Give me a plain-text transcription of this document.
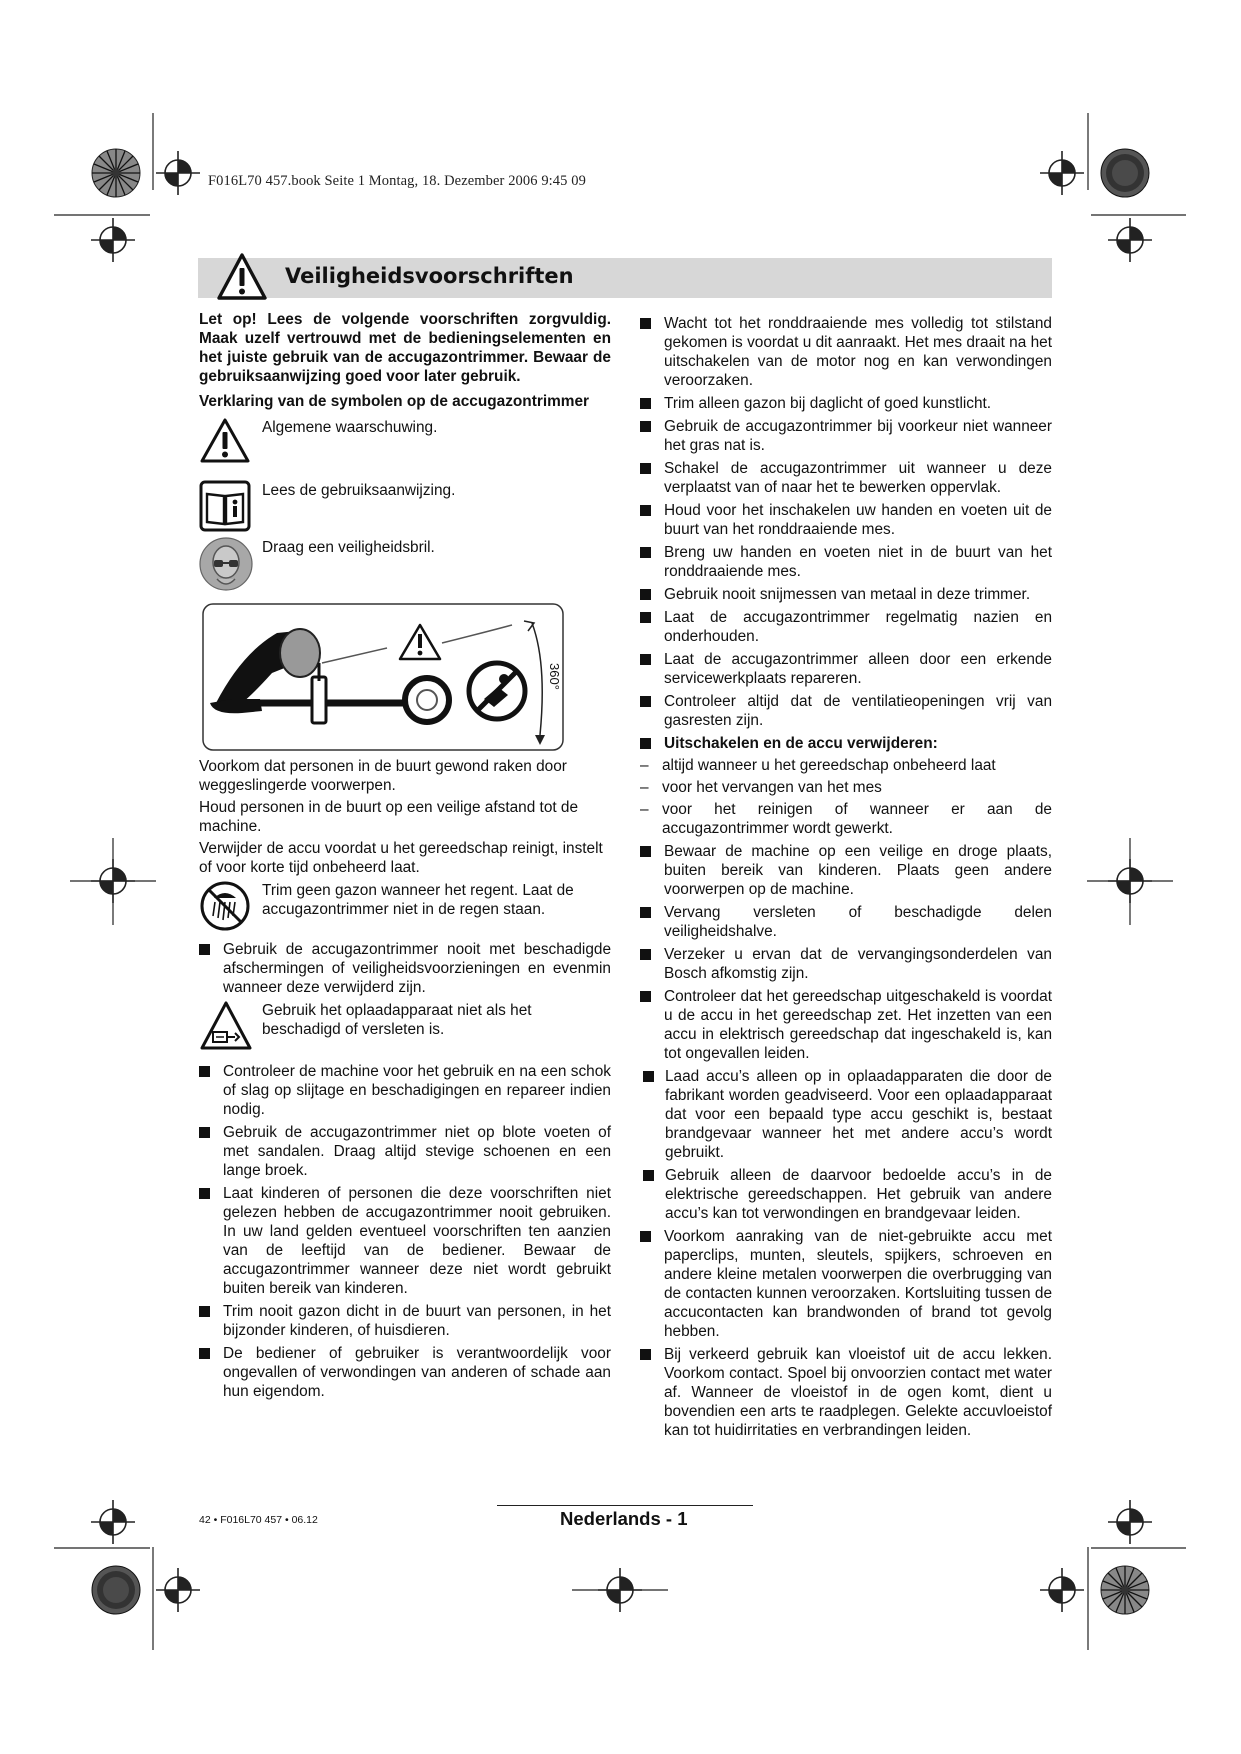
F016L70 457.book Seite 1 Montag, 18. Dezember 2006 9:45 09
Veiligheidsvoorschriften

Let op! Lees de volgende voorschriften zorgvuldig. Maak uzelf vertrouwd met de bedieningselementen en het juiste gebruik van de accugazontrimmer. Bewaar de gebruiksaanwijzing goed voor later gebruik.

Verklaring van de symbolen op de accugazontrimmer

Algemene waarschuwing.

Lees de gebruiksaanwijzing.

Draag een veiligheidsbril.

360°

Voorkom dat personen in de buurt gewond raken door weggeslingerde voorwerpen.

Houd personen in de buurt op een veilige afstand tot de machine.

Verwijder de accu voordat u het gereedschap reinigt, instelt of voor korte tijd onbeheerd laat.

Trim geen gazon wanneer het regent. Laat de accugazontrimmer niet in de regen staan.

Gebruik de accugazontrimmer nooit met beschadigde afschermingen of veiligheidsvoorzieningen en evenmin wanneer deze verwijderd zijn.

Gebruik het oplaadapparaat niet als het beschadigd of versleten is.

Controleer de machine voor het gebruik en na een schok of slag op slijtage en beschadigingen en repareer indien nodig.

Gebruik de accugazontrimmer niet op blote voeten of met sandalen. Draag altijd stevige schoenen en een lange broek.

Laat kinderen of personen die deze voorschriften niet gelezen hebben de accugazontrimmer nooit gebruiken. In uw land gelden eventueel voorschriften ten aanzien van de leeftijd van de bediener. Bewaar de accugazontrimmer wanneer deze niet wordt gebruikt buiten bereik van kinderen.

Trim nooit gazon dicht in de buurt van personen, in het bijzonder kinderen, of huisdieren.

De bediener of gebruiker is verantwoordelijk voor ongevallen of verwondingen van anderen of schade aan hun eigendom.

Wacht tot het ronddraaiende mes volledig tot stilstand gekomen is voordat u dit aanraakt. Het mes draait na het uitschakelen van de motor nog en kan verwondingen veroorzaken.

Trim alleen gazon bij daglicht of goed kunstlicht.

Gebruik de accugazontrimmer bij voorkeur niet wanneer het gras nat is.

Schakel de accugazontrimmer uit wanneer u deze verplaatst van of naar het te bewerken oppervlak.

Houd voor het inschakelen uw handen en voeten uit de buurt van het ronddraaiende mes.

Breng uw handen en voeten niet in de buurt van het ronddraaiende mes.

Gebruik nooit snijmessen van metaal in deze trimmer.

Laat de accugazontrimmer regelmatig nazien en onderhouden.

Laat de accugazontrimmer alleen door een erkende servicewerkplaats repareren.

Controleer altijd dat de ventilatieopeningen vrij van gasresten zijn.

Uitschakelen en de accu verwijderen:

– altijd wanneer u het gereedschap onbeheerd laat

– voor het vervangen van het mes

– voor het reinigen of wanneer er aan de accugazontrimmer wordt gewerkt.

Bewaar de machine op een veilige en droge plaats, buiten bereik van kinderen. Plaats geen andere voorwerpen op de machine.

Vervang versleten of beschadigde delen veiligheidshalve.

Verzeker u ervan dat de vervangingsonderdelen van Bosch afkomstig zijn.

Controleer dat het gereedschap uitgeschakeld is voordat u de accu in het gereedschap zet. Het inzetten van een accu in elektrisch gereedschap dat ingeschakeld is, kan tot ongevallen leiden.

Laad accu’s alleen op in oplaadapparaten die door de fabrikant worden geadviseerd. Voor een oplaadapparaat dat voor een bepaald type accu geschikt is, bestaat brandgevaar wanneer het met andere accu’s wordt gebruikt.

Gebruik alleen de daarvoor bedoelde accu’s in de elektrische gereedschappen. Het gebruik van andere accu’s kan tot verwondingen en brandgevaar leiden.

Voorkom aanraking van de niet-gebruikte accu met paperclips, munten, sleutels, spijkers, schroeven en andere kleine metalen voorwerpen die overbrugging van de contacten kunnen veroorzaken. Kortsluiting tussen de accucontacten kan brandwonden of brand tot gevolg hebben.

Bij verkeerd gebruik kan vloeistof uit de accu lekken. Voorkom contact. Spoel bij onvoorzien contact met water af. Wanneer de vloeistof in de ogen komt, dient u bovendien een arts te raadplegen. Gelekte accuvloeistof kan tot huidirritaties en verbrandingen leiden.

42 • F016L70 457 • 06.12	Nederlands - 1
